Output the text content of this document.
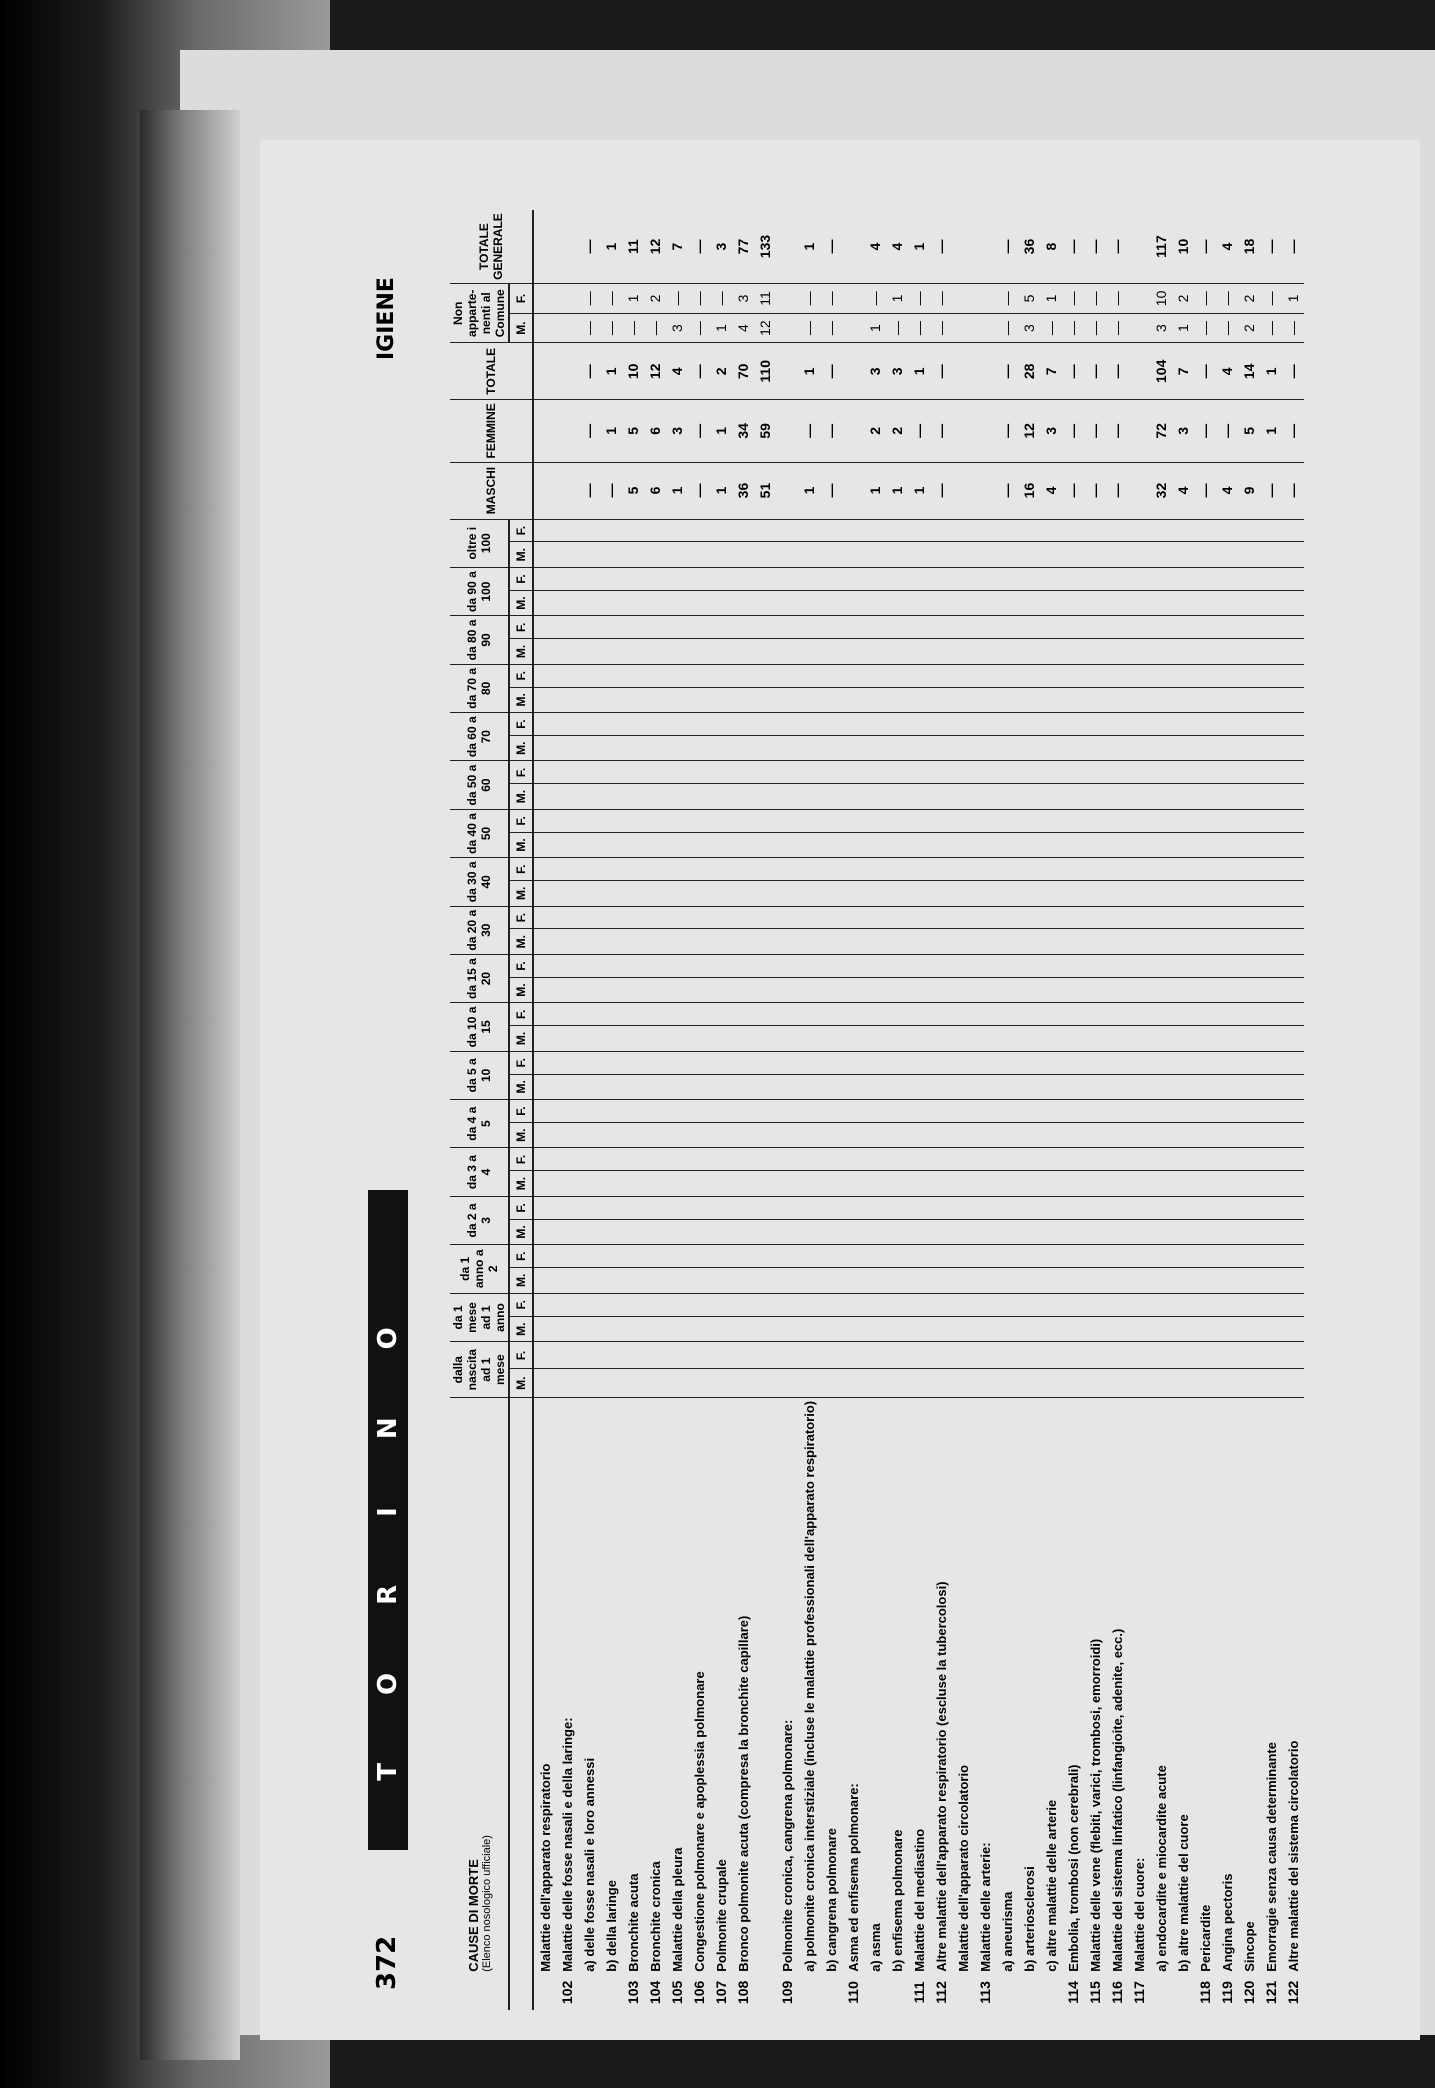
372
TORINO
IGIENE

	CAUSE DI MORTE (Elenco nosologico ufficiale)	dalla nascita ad 1 mese		da 1 mese ad 1 anno		da 1 anno a 2		da 2 a 3		da 3 a 4		da 4 a 5		da 5 a 10		da 10 a 15		da 15 a 20		da 20 a 30		da 30 a 40		da 40 a 50		da 50 a 60		da 60 a 70		da 70 a 80		da 80 a 90		da 90 a 100		oltre i 100		MASCHI	FEMMINE	TOTALE	Non apparte-nenti al Comune		TOTALE GENERALE
		M.	F.	M.	F.	M.	F.	M.	F.	M.	F.	M.	F.	M.	F.	M.	F.	M.	F.	M.	F.	M.	F.	M.	F.	M.	F.	M.	F.	M.	F.	M.	F.	M.	F.	M.	F.				M.	F.	
	Malattie dell'apparato respiratorio																																										
102	Malattie delle fosse nasali e della laringe:																																										
	a) delle fosse nasali e loro annessi																																					—	—	—	—	—	—
	b) della laringe																																					—	1	1	—	—	1
103	Bronchite acuta																																					5	5	10	—	1	11
104	Bronchite cronica																																					6	6	12	—	2	12
105	Malattie della pleura																																					1	3	4	3	—	7
106	Congestione polmonare e apoplessia polmonare																																					—	—	—	—	—	—
107	Polmonite crupale																																					1	1	2	1	—	3
108	Bronco polmonite acuta (compresa la bronchite capillare)																																					36	34	70	4	3	77
																																						51	59	110	12	11	133
109	Polmonite cronica, cangrena polmonare:																																										
	a) polmonite cronica interstiziale (incluse le malattie professionali dell'apparato respiratorio)																																					1	—	1	—	—	1
	b) cangrena polmonare																																					—	—	—	—	—	—
110	Asma ed enfisema polmonare:																																										
	a) asma																																					1	2	3	1	—	4
	b) enfisema polmonare																																					1	2	3	—	1	4
111	Malattie del mediastino																																					1	—	1	—	—	1
112	Altre malattie dell'apparato respiratorio (escluse la tubercolosi)																																					—	—	—	—	—	—
	Malattie dell'apparato circolatorio																																										
113	Malattie delle arterie:																																										
	a) aneurisma																																					—	—	—	—	—	—
	b) arteriosclerosi																																					16	12	28	3	5	36
	c) altre malattie delle arterie																																					4	3	7	—	1	8
114	Embolia, trombosi (non cerebrali)																																					—	—	—	—	—	—
115	Malattie delle vene (flebiti, varici, trombosi, emorroidi)																																					—	—	—	—	—	—
116	Malattie del sistema linfatico (linfangioite, adenite, ecc.)																																					—	—	—	—	—	—
117	Malattie del cuore:																																										
	a) endocardite e miocardite acute																																					32	72	104	3	10	117
	b) altre malattie del cuore																																					4	3	7	1	2	10
118	Pericardite																																					—	—	—	—	—	—
119	Angina pectoris																																					4	—	4	—	—	4
120	Sincope																																					9	5	14	2	2	18
121	Emorragie senza causa determinante																																					—	1	1	—	—	—
122	Altre malattie del sistema circolatorio																																					—	—	—	—	1	—
